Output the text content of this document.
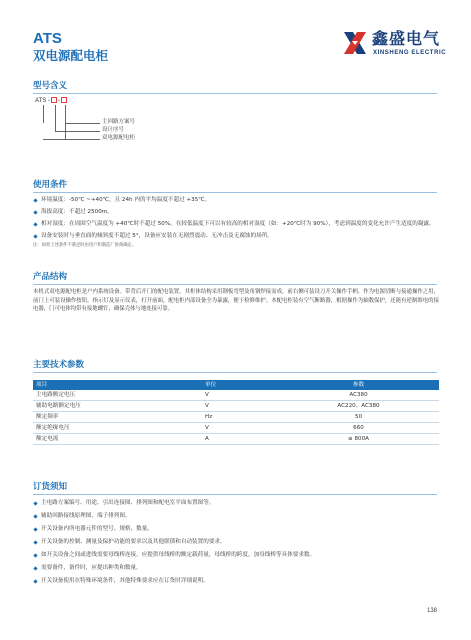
ATS
双电源配电柜
鑫盛电气
XINSHENG ELECTRIC
型号含义
ATS - -
主回路方案号
设计序号
双电源配电柜
使用条件
环境温度：-50℃ ~+40℃，且 24h 内的平均温度不超过 +35℃。
海拔高度：不超过 2500m。
相对湿度：在周围空气温度为 +40℃时不超过 50%，在较低温度下可以有较高的相对湿度（如：+20℃时为 90%），考虑到温度的变化允许产生适度的凝露。
设备安装时与垂直面的倾斜度不超过 5°，设备应安装在无剧烈震动、无冲击及无腐蚀的场所。
注：如果上述条件不满足时由用户和制造厂协商确定。
产品结构
本机式双电源配电柜是户内系统设备。带背后开门的配电装置，其柜体结构采用钢板弯型及角钢焊接而成，前右侧可装设刀开关操作手柄。作为电源切断与接通操作之用，前门上可装设操作按钮，指示灯及显示仪表，打开前面，配电柜内部设备全为暴露，便于检修维护。本配电柜装有空气断路器，根据操作为轴数保护，还能有逆制维电的接电器，门可电体均带有接地螺钉，确保壳体与地连接可靠。
主要技术参数
项目	单位	参数
主电路额定电压	V	AC380
辅助电路额定电压	V	AC220、AC380
额定频率	Hz	50
额定绝缘电压	V	660
额定电流	A	≤ 800A
订货须知
主电路方案编号、用途、引出连接图、排列图和配电室平面布置图等。
辅助回路接线原理图，端子排列图。
开关设备内所电器元件的型号、规格、数量。
开关设备的控制、测量及保护功能的要求以及其他联锁和自动装置的要求。
如开关设备之间或进线需要母线桥连接，应提供母线桥的额定载荷量，母线桥的跨度，加母线桥等具体要求数。
需要备件，备件时，应提出种类和数量。
开关设备使用在特殊环境条件，其他特殊要求应在订货时详细说明。
138
